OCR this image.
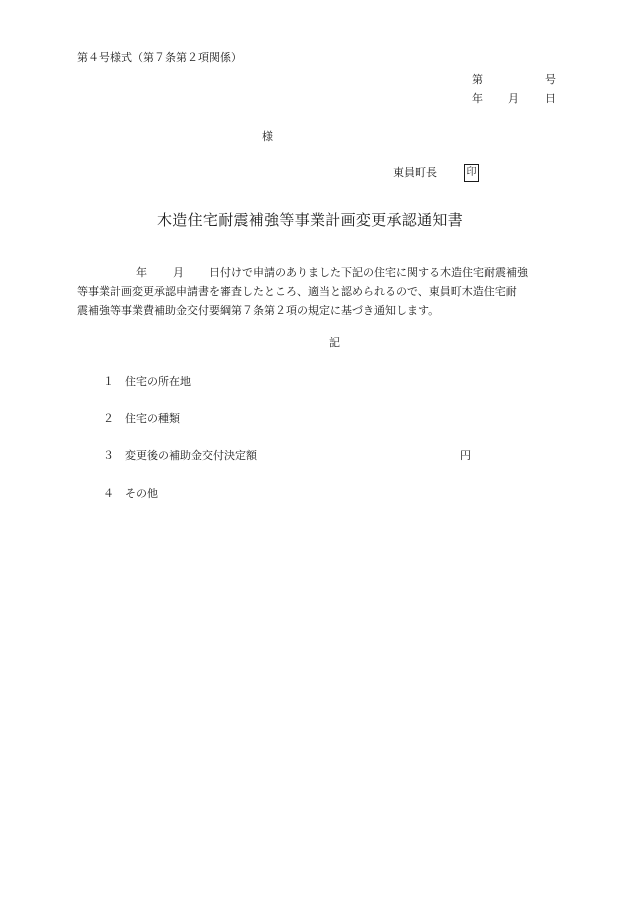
第４号様式（第７条第２項関係）
第	号
年 月 日
様
東員町長	印
木造住宅耐震補強等事業計画変更承認通知書
年 月 日付けで申請のありました下記の住宅に関する木造住宅耐震補強
等事業計画変更承認申請書を審査したところ、適当と認められるので、東員町木造住宅耐
震補強等事業費補助金交付要綱第７条第２項の規定に基づき通知します。
記
１ 住宅の所在地
２ 住宅の種類
３ 変更後の補助金交付決定額	円
４ その他
